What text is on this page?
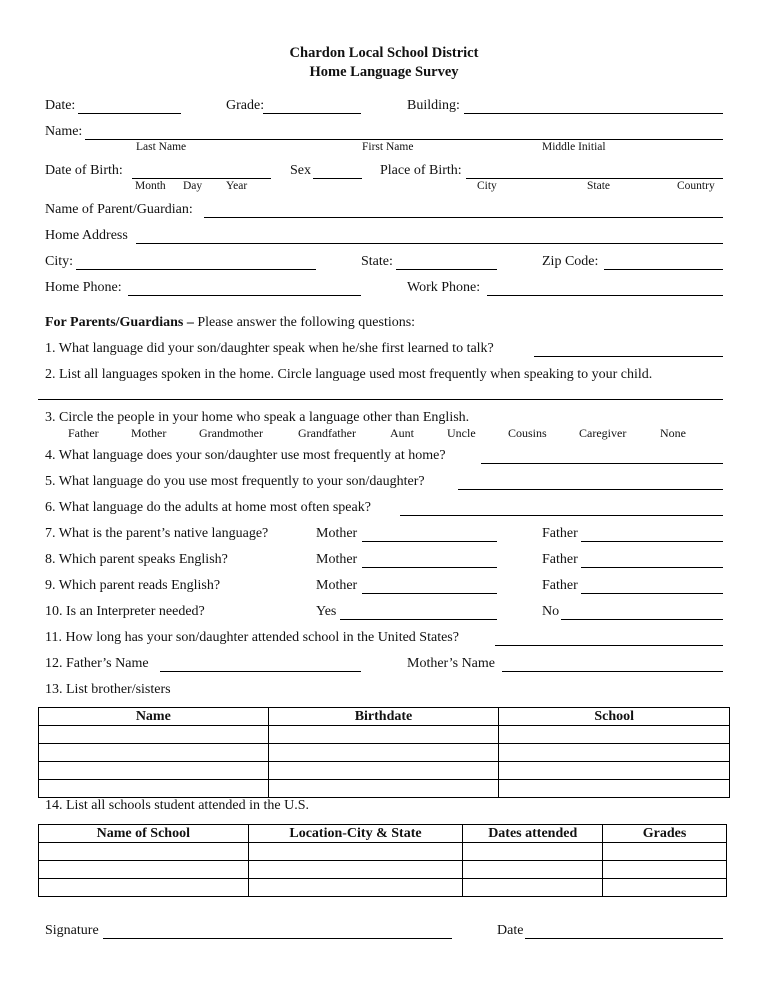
Chardon Local School District
Home Language Survey
Date:	Grade:	Building:
Name:
Last Name	First Name	Middle Initial
Date of Birth:	Sex	Place of Birth:
Month Day Year	City	State	Country
Name of Parent/Guardian:
Home Address
City:	State:	Zip Code:
Home Phone:	Work Phone:
For Parents/Guardians – Please answer the following questions:
1. What language did your son/daughter speak when he/she first learned to talk?
2. List all languages spoken in the home. Circle language used most frequently when speaking to your child.
3. Circle the people in your home who speak a language other than English.
Father	Mother	Grandmother	Grandfather	Aunt	Uncle	Cousins	Caregiver	None
4. What language does your son/daughter use most frequently at home?
5. What language do you use most frequently to your son/daughter?
6. What language do the adults at home most often speak?
7. What is the parent’s native language?	Mother	Father
8. Which parent speaks English?	Mother	Father
9. Which parent reads English?	Mother	Father
10. Is an Interpreter needed?	Yes	No
11. How long has your son/daughter attended school in the United States?
12. Father’s Name	Mother’s Name
13. List brother/sisters
Name	Birthdate	School

14. List all schools student attended in the U.S.
Name of School	Location-City & State	Dates attended	Grades

Signature	Date
